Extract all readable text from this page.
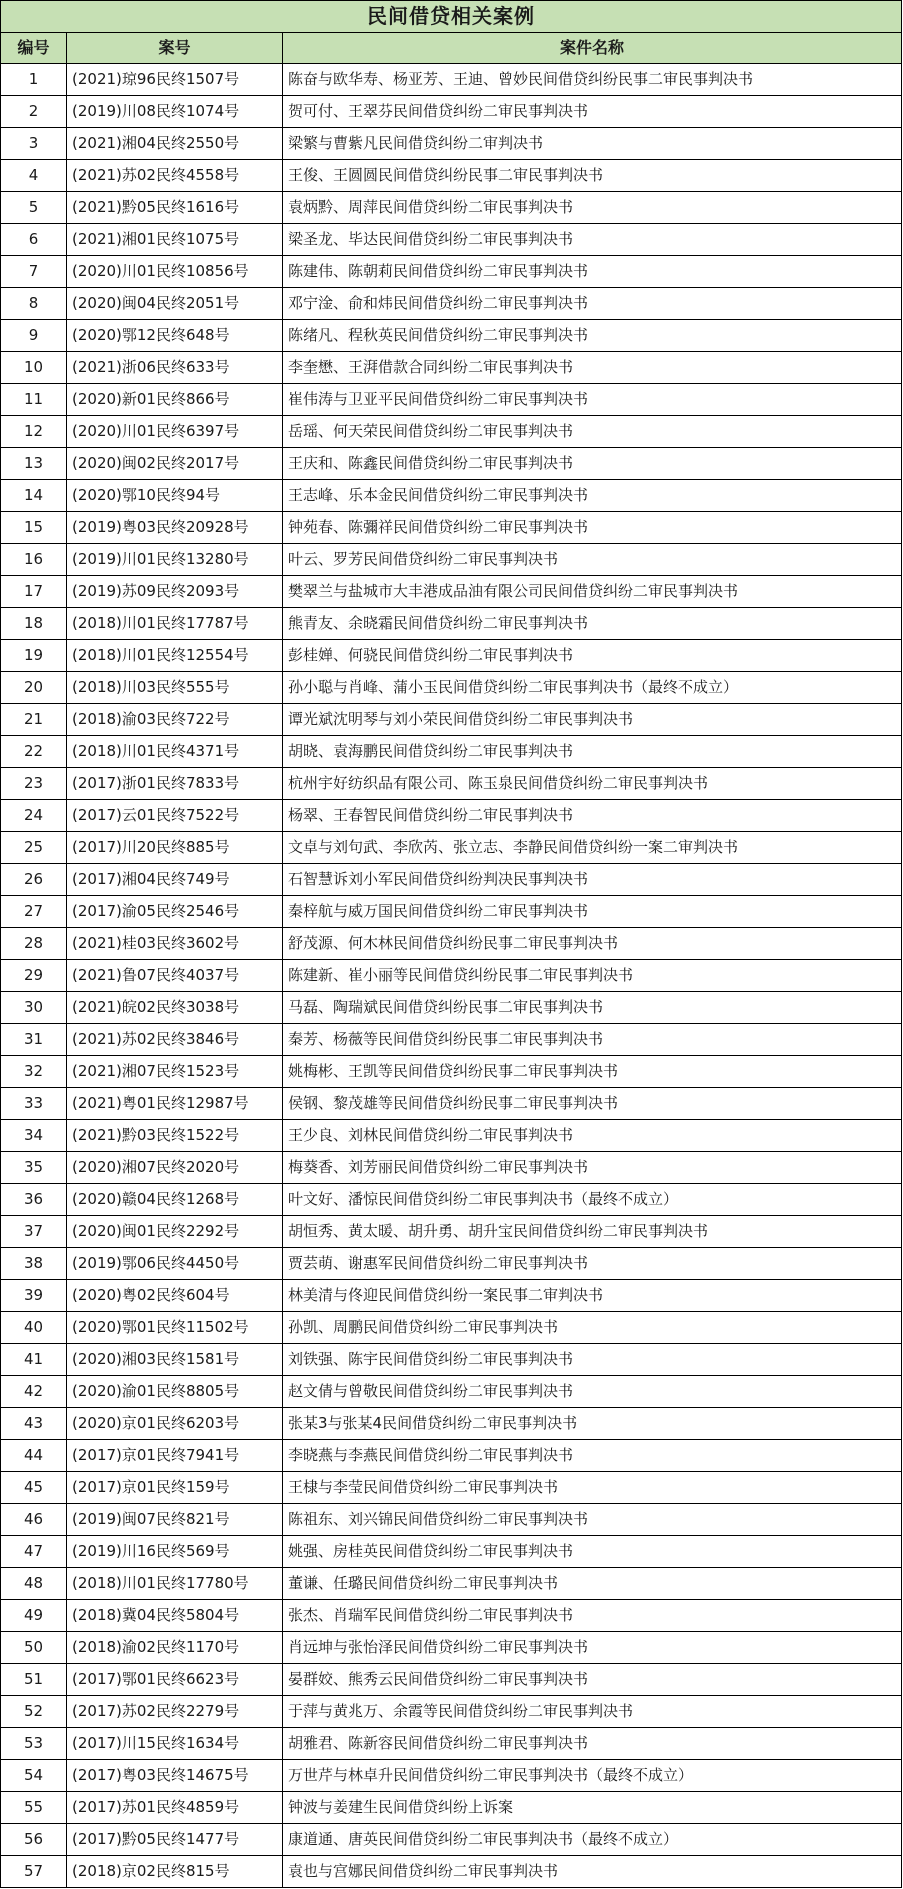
民间借贷相关案例		
编号	案号	案件名称
1	(2021)琼96民终1507号	陈奋与欧华寿、杨亚芳、王迪、曾妙民间借贷纠纷民事二审民事判决书
2	(2019)川08民终1074号	贺可付、王翠芬民间借贷纠纷二审民事判决书
3	(2021)湘04民终2550号	梁繁与曹紫凡民间借贷纠纷二审判决书
4	(2021)苏02民终4558号	王俊、王圆圆民间借贷纠纷民事二审民事判决书
5	(2021)黔05民终1616号	袁炳黔、周萍民间借贷纠纷二审民事判决书
6	(2021)湘01民终1075号	梁圣龙、毕达民间借贷纠纷二审民事判决书
7	(2020)川01民终10856号	陈建伟、陈朝莉民间借贷纠纷二审民事判决书
8	(2020)闽04民终2051号	邓宁淦、俞和炜民间借贷纠纷二审民事判决书
9	(2020)鄂12民终648号	陈绪凡、程秋英民间借贷纠纷二审民事判决书
10	(2021)浙06民终633号	李奎懋、王湃借款合同纠纷二审民事判决书
11	(2020)新01民终866号	崔伟涛与卫亚平民间借贷纠纷二审民事判决书
12	(2020)川01民终6397号	岳瑶、何天荣民间借贷纠纷二审民事判决书
13	(2020)闽02民终2017号	王庆和、陈鑫民间借贷纠纷二审民事判决书
14	(2020)鄂10民终94号	王志峰、乐本金民间借贷纠纷二审民事判决书
15	(2019)粤03民终20928号	钟苑春、陈彌祥民间借贷纠纷二审民事判决书
16	(2019)川01民终13280号	叶云、罗芳民间借贷纠纷二审民事判决书
17	(2019)苏09民终2093号	樊翠兰与盐城市大丰港成品油有限公司民间借贷纠纷二审民事判决书
18	(2018)川01民终17787号	熊青友、余晓霜民间借贷纠纷二审民事判决书
19	(2018)川01民终12554号	彭桂婵、何骁民间借贷纠纷二审民事判决书
20	(2018)川03民终555号	孙小聪与肖峰、蒲小玉民间借贷纠纷二审民事判决书（最终不成立）
21	(2018)渝03民终722号	谭光斌沈明琴与刘小荣民间借贷纠纷二审民事判决书
22	(2018)川01民终4371号	胡晓、袁海鹏民间借贷纠纷二审民事判决书
23	(2017)浙01民终7833号	杭州宇好纺织品有限公司、陈玉泉民间借贷纠纷二审民事判决书
24	(2017)云01民终7522号	杨翠、王春智民间借贷纠纷二审民事判决书
25	(2017)川20民终885号	文卓与刘句武、李欣芮、张立志、李静民间借贷纠纷一案二审判决书
26	(2017)湘04民终749号	石智慧诉刘小军民间借贷纠纷判决民事判决书
27	(2017)渝05民终2546号	秦梓航与威万国民间借贷纠纷二审民事判决书
28	(2021)桂03民终3602号	舒茂源、何木林民间借贷纠纷民事二审民事判决书
29	(2021)鲁07民终4037号	陈建新、崔小丽等民间借贷纠纷民事二审民事判决书
30	(2021)皖02民终3038号	马磊、陶瑞斌民间借贷纠纷民事二审民事判决书
31	(2021)苏02民终3846号	秦芳、杨薇等民间借贷纠纷民事二审民事判决书
32	(2021)湘07民终1523号	姚梅彬、王凯等民间借贷纠纷民事二审民事判决书
33	(2021)粤01民终12987号	侯钢、黎茂雄等民间借贷纠纷民事二审民事判决书
34	(2021)黔03民终1522号	王少良、刘林民间借贷纠纷二审民事判决书
35	(2020)湘07民终2020号	梅葵香、刘芳丽民间借贷纠纷二审民事判决书
36	(2020)赣04民终1268号	叶文好、潘惊民间借贷纠纷二审民事判决书（最终不成立）
37	(2020)闽01民终2292号	胡恒秀、黄太暖、胡升勇、胡升宝民间借贷纠纷二审民事判决书
38	(2019)鄂06民终4450号	贾芸萌、谢惠军民间借贷纠纷二审民事判决书
39	(2020)粤02民终604号	林美清与佟迎民间借贷纠纷一案民事二审判决书
40	(2020)鄂01民终11502号	孙凯、周鹏民间借贷纠纷二审民事判决书
41	(2020)湘03民终1581号	刘铁强、陈宇民间借贷纠纷二审民事判决书
42	(2020)渝01民终8805号	赵文倩与曾敬民间借贷纠纷二审民事判决书
43	(2020)京01民终6203号	张某3与张某4民间借贷纠纷二审民事判决书
44	(2017)京01民终7941号	李晓燕与李燕民间借贷纠纷二审民事判决书
45	(2017)京01民终159号	王棣与李莹民间借贷纠纷二审民事判决书
46	(2019)闽07民终821号	陈祖东、刘兴锦民间借贷纠纷二审民事判决书
47	(2019)川16民终569号	姚强、房桂英民间借贷纠纷二审民事判决书
48	(2018)川01民终17780号	董谦、任璐民间借贷纠纷二审民事判决书
49	(2018)冀04民终5804号	张杰、肖瑞军民间借贷纠纷二审民事判决书
50	(2018)渝02民终1170号	肖远坤与张怡泽民间借贷纠纷二审民事判决书
51	(2017)鄂01民终6623号	晏群姣、熊秀云民间借贷纠纷二审民事判决书
52	(2017)苏02民终2279号	于萍与黄兆万、余霞等民间借贷纠纷二审民事判决书
53	(2017)川15民终1634号	胡雅君、陈新容民间借贷纠纷二审民事判决书
54	(2017)粤03民终14675号	万世芹与林卓升民间借贷纠纷二审民事判决书（最终不成立）
55	(2017)苏01民终4859号	钟波与姜建生民间借贷纠纷上诉案
56	(2017)黔05民终1477号	康道通、唐英民间借贷纠纷二审民事判决书（最终不成立）
57	(2018)京02民终815号	袁也与宫娜民间借贷纠纷二审民事判决书
